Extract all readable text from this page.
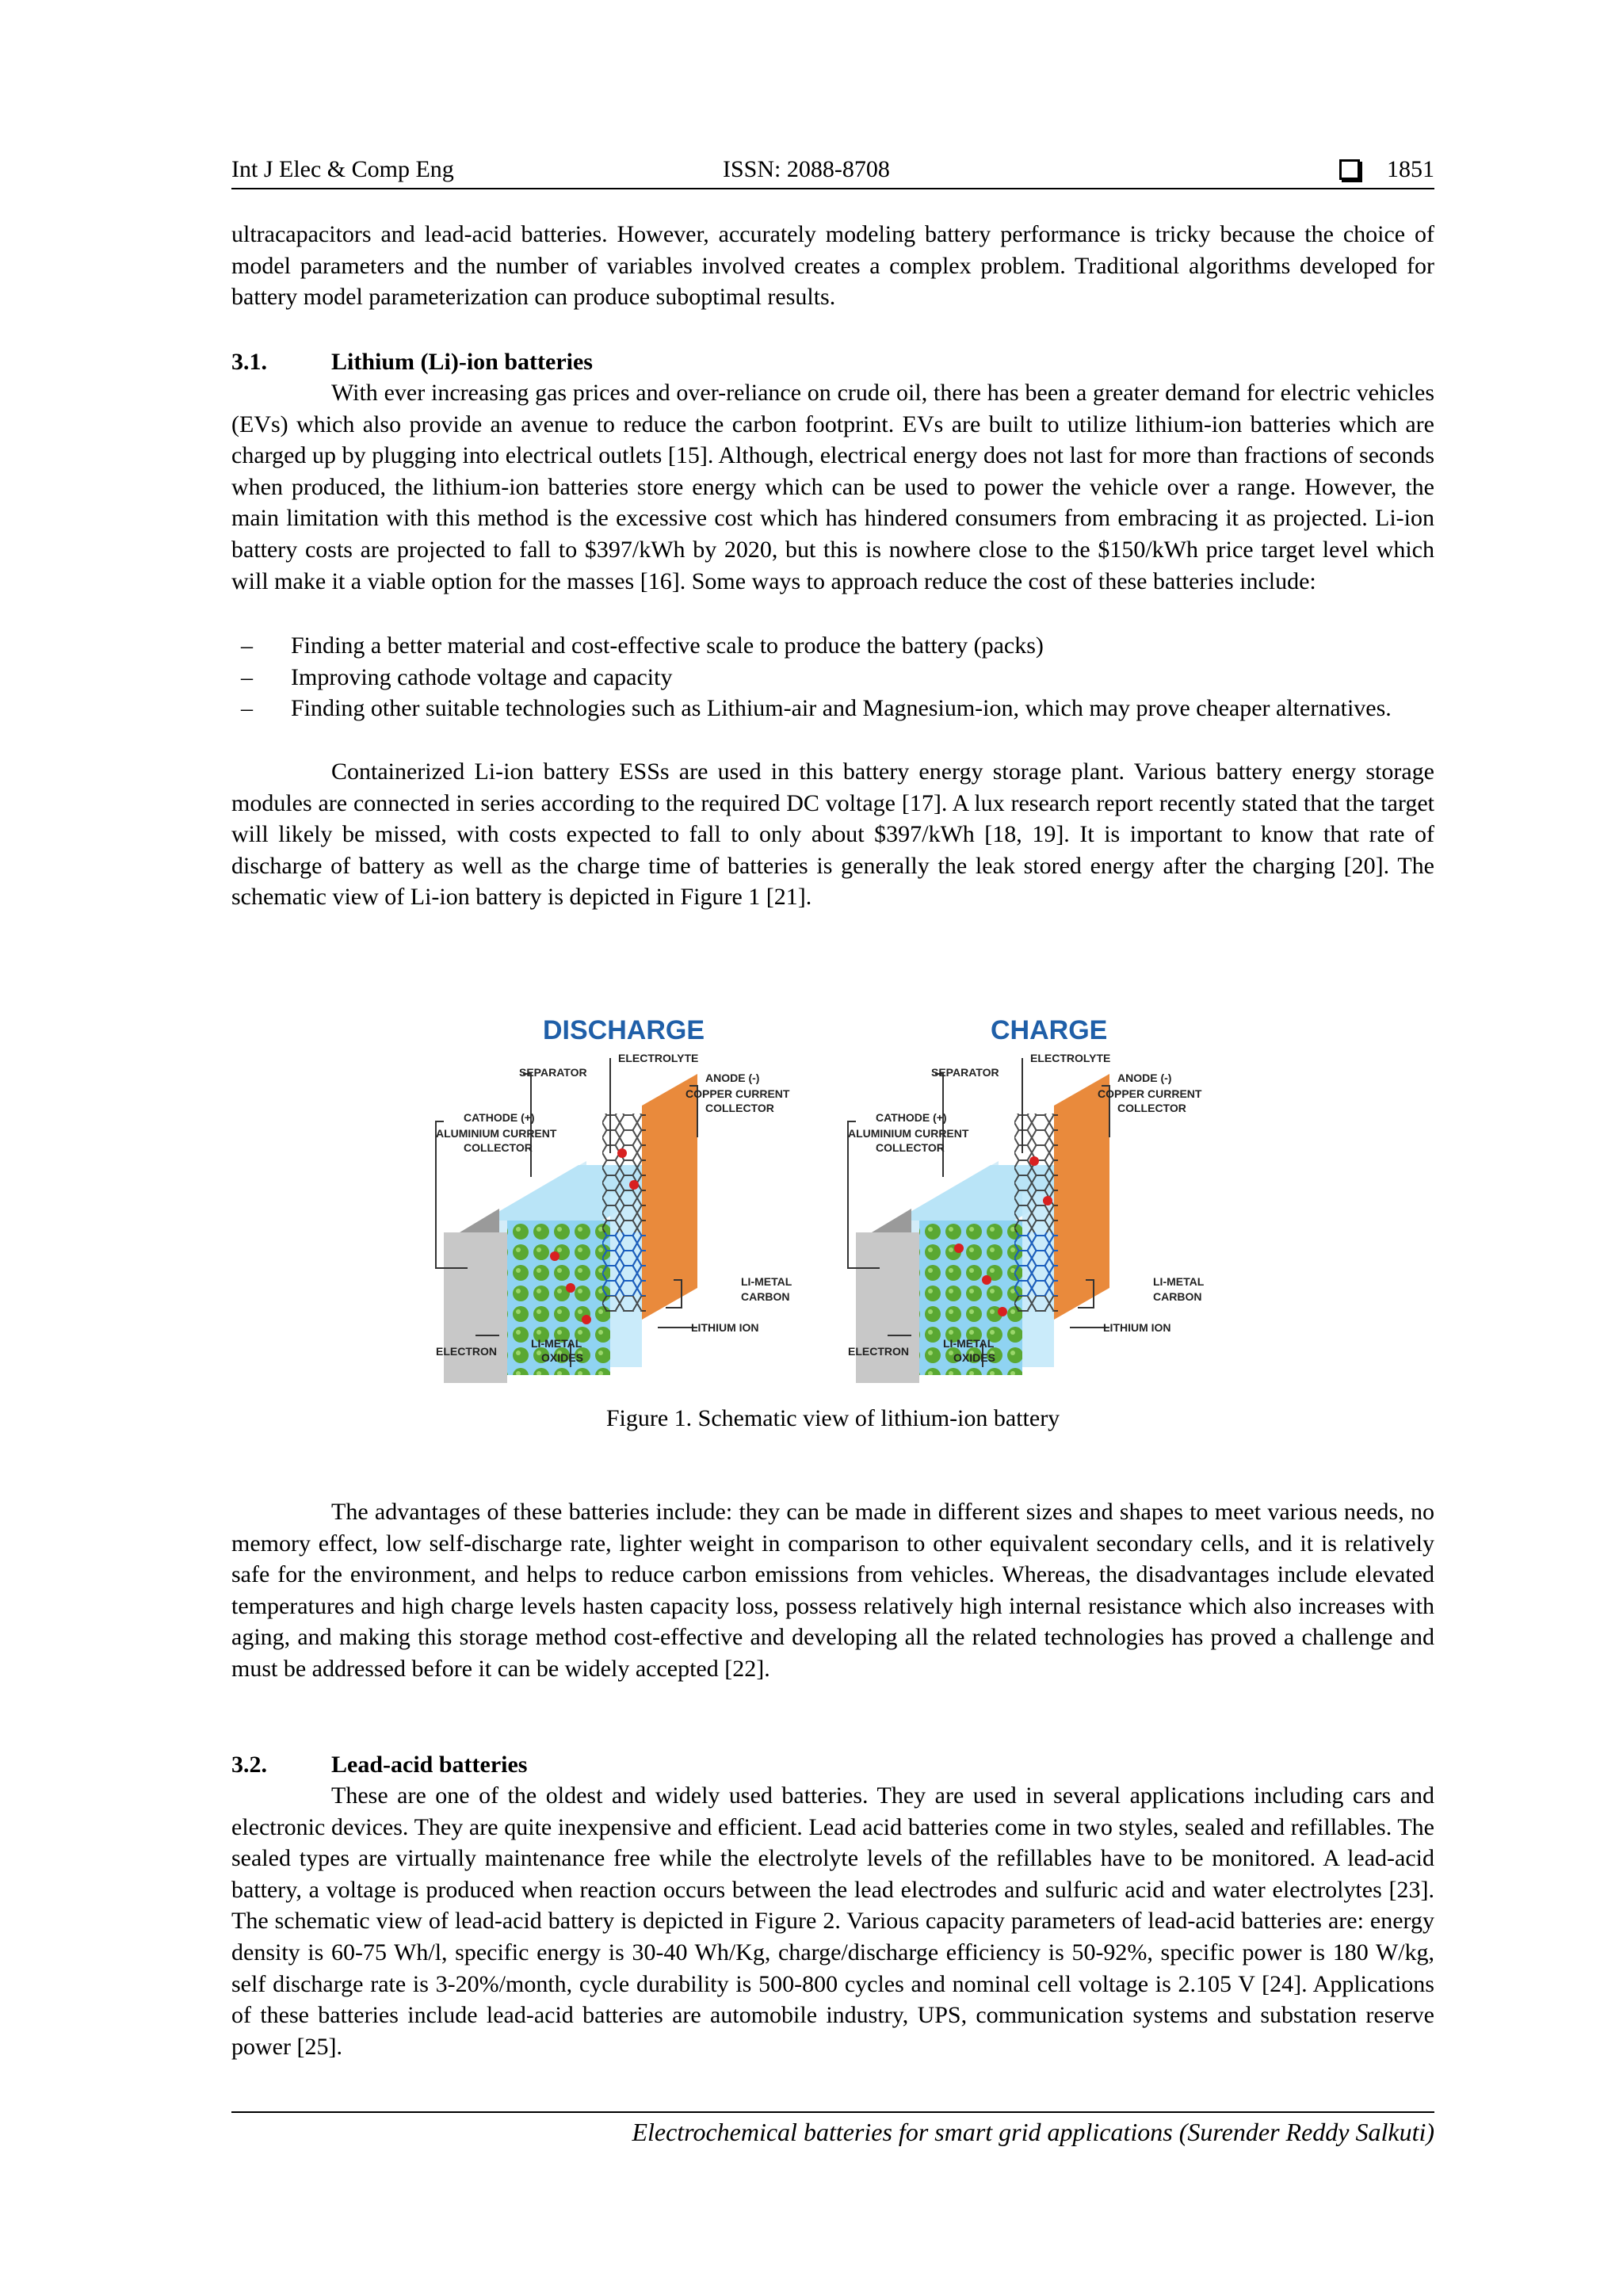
Int J Elec & Comp Eng	ISSN: 2088-8708	1851

ultracapacitors and lead-acid batteries. However, accurately modeling battery performance is tricky because the choice of model parameters and the number of variables involved creates a complex problem. Traditional algorithms developed for battery model parameterization can produce suboptimal results.

3.1.	Lithium (Li)-ion batteries

With ever increasing gas prices and over-reliance on crude oil, there has been a greater demand for electric vehicles (EVs) which also provide an avenue to reduce the carbon footprint. EVs are built to utilize lithium-ion batteries which are charged up by plugging into electrical outlets [15]. Although, electrical energy does not last for more than fractions of seconds when produced, the lithium-ion batteries store energy which can be used to power the vehicle over a range. However, the main limitation with this method is the excessive cost which has hindered consumers from embracing it as projected. Li-ion battery costs are projected to fall to $397/kWh by 2020, but this is nowhere close to the $150/kWh price target level which will make it a viable option for the masses [16]. Some ways to approach reduce the cost of these batteries include:

– Finding a better material and cost-effective scale to produce the battery (packs)
– Improving cathode voltage and capacity
– Finding other suitable technologies such as Lithium-air and Magnesium-ion, which may prove cheaper alternatives.

Containerized Li-ion battery ESSs are used in this battery energy storage plant. Various battery energy storage modules are connected in series according to the required DC voltage [17]. A lux research report recently stated that the target will likely be missed, with costs expected to fall to only about $397/kWh [18, 19]. It is important to know that rate of discharge of battery as well as the charge time of batteries is generally the leak stored energy after the charging [20]. The schematic view of Li-ion battery is depicted in Figure 1 [21].

DISCHARGE
SEPARATOR
ELECTROLYTE
ANODE (-)
COPPER CURRENT
COLLECTOR
CATHODE (+)
ALUMINIUM CURRENT
COLLECTOR
LI-METAL
CARBON
LITHIUM ION
ELECTRON
LI-METAL
OXIDES
CHARGE
SEPARATOR
ELECTROLYTE
ANODE (-)
COPPER CURRENT
COLLECTOR
CATHODE (+)
ALUMINIUM CURRENT
COLLECTOR
LI-METAL
CARBON
LITHIUM ION
ELECTRON
LI-METAL
OXIDES
Figure 1. Schematic view of lithium-ion battery

The advantages of these batteries include: they can be made in different sizes and shapes to meet various needs, no memory effect, low self-discharge rate, lighter weight in comparison to other equivalent secondary cells, and it is relatively safe for the environment, and helps to reduce carbon emissions from vehicles. Whereas, the disadvantages include elevated temperatures and high charge levels hasten capacity loss, possess relatively high internal resistance which also increases with aging, and making this storage method cost-effective and developing all the related technologies has proved a challenge and must be addressed before it can be widely accepted [22].

3.2.	Lead-acid batteries

These are one of the oldest and widely used batteries. They are used in several applications including cars and electronic devices. They are quite inexpensive and efficient. Lead acid batteries come in two styles, sealed and refillables. The sealed types are virtually maintenance free while the electrolyte levels of the refillables have to be monitored. A lead-acid battery, a voltage is produced when reaction occurs between the lead electrodes and sulfuric acid and water electrolytes [23]. The schematic view of lead-acid battery is depicted in Figure 2. Various capacity parameters of lead-acid batteries are: energy density is 60-75 Wh/l, specific energy is 30-40 Wh/Kg, charge/discharge efficiency is 50-92%, specific power is 180 W/kg, self discharge rate is 3-20%/month, cycle durability is 500-800 cycles and nominal cell voltage is 2.105 V [24]. Applications of these batteries include lead-acid batteries are automobile industry, UPS, communication systems and substation reserve power [25].

Electrochemical batteries for smart grid applications (Surender Reddy Salkuti)
